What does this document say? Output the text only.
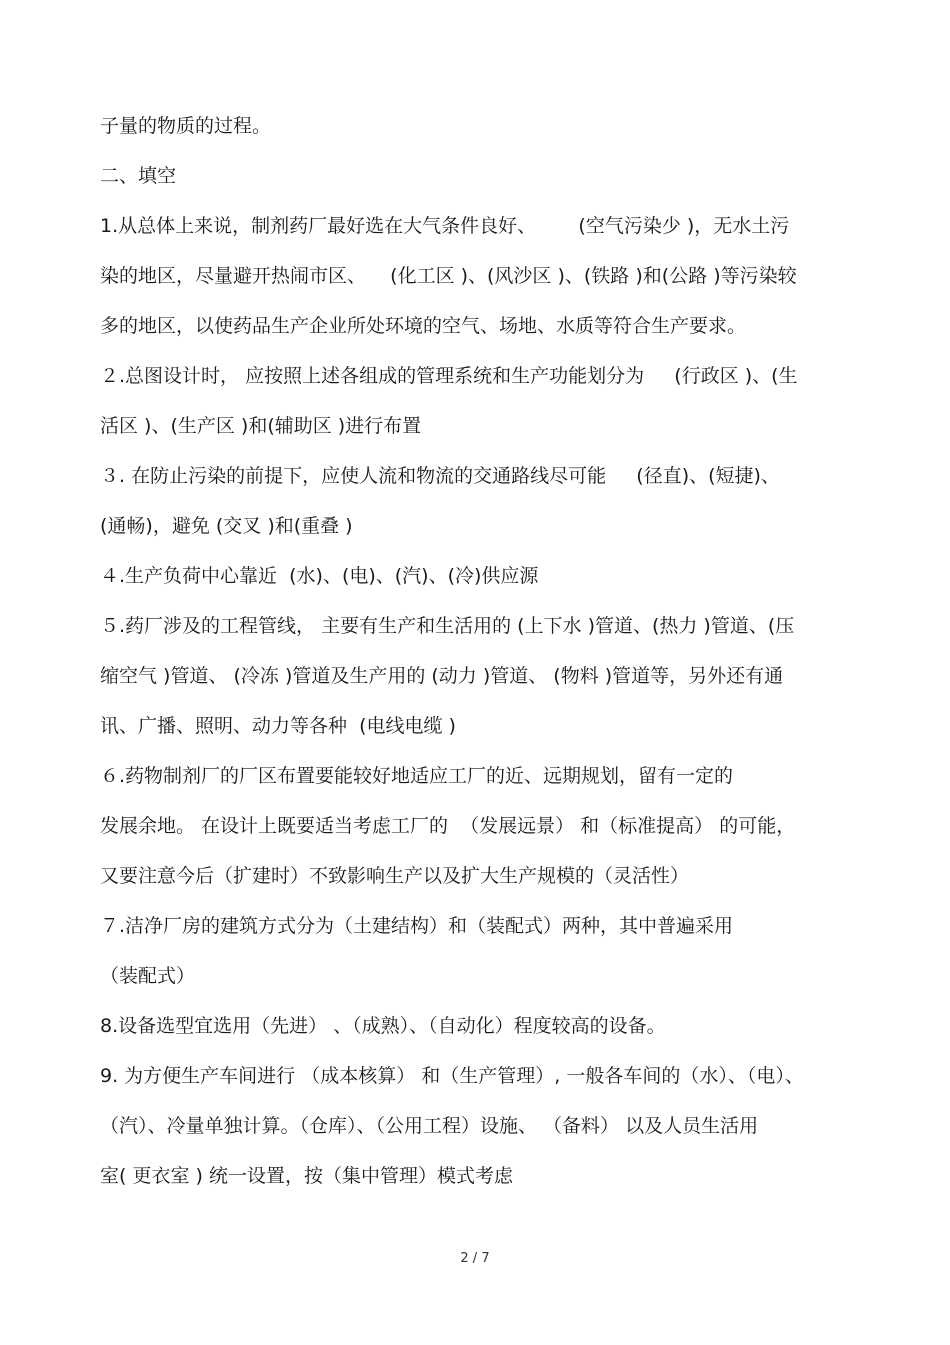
子量的物质的过程。
二、填空
1.从总体上来说，制剂药厂最好选在大气条件良好、       (空气污染少 )，无水土污
染的地区，尽量避开热闹市区、    (化工区 )、(风沙区 )、(铁路 )和(公路 )等污染较
多的地区，以使药品生产企业所处环境的空气、场地、水质等符合生产要求。
２.总图设计时， 应按照上述各组成的管理系统和生产功能划分为     (行政区 )、(生
活区 )、(生产区 )和(辅助区 )进行布置
３. 在防止污染的前提下，应使人流和物流的交通路线尽可能     (径直)、(短捷)、
(通畅)，避免 (交叉 )和(重叠 )
４.生产负荷中心靠近  (水)、(电)、(汽)、(冷)供应源
５.药厂涉及的工程管线， 主要有生产和生活用的 (上下水 )管道、(热力 )管道、(压
缩空气 )管道、 (冷冻 )管道及生产用的 (动力 )管道、 (物料 )管道等，另外还有通
讯、广播、照明、动力等各种  (电线电缆 )
６.药物制剂厂的厂区布置要能较好地适应工厂的近、远期规划，留有一定的
发展余地。 在设计上既要适当考虑工厂的  （发展远景） 和（标准提高） 的可能，
又要注意今后（扩建时）不致影响生产以及扩大生产规模的（灵活性）
７.洁净厂房的建筑方式分为（土建结构）和（装配式）两种，其中普遍采用
（装配式）
8.设备选型宜选用（先进） 、（成熟）、（自动化）程度较高的设备。
9. 为方便生产车间进行 （成本核算） 和（生产管理）, 一般各车间的（水）、（电）、
（汽）、冷量单独计算。（仓库）、（公用工程）设施、 （备料） 以及人员生活用
室( 更衣室 ) 统一设置，按（集中管理）模式考虑
2 / 7
